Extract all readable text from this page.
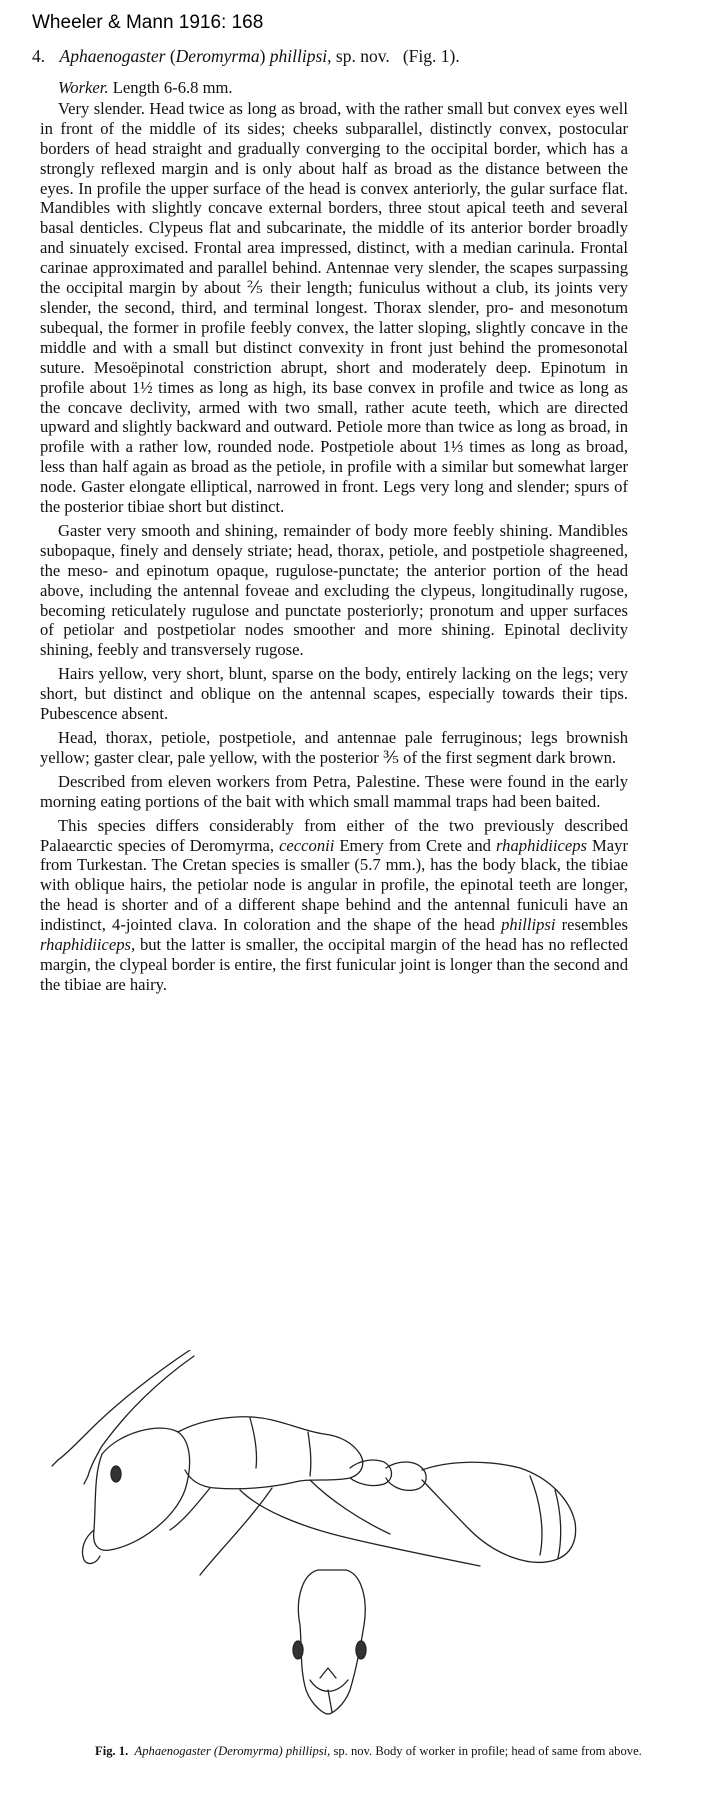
Wheeler & Mann 1916: 168
4. Aphaenogaster (Deromyrma) phillipsi, sp. nov. (Fig. 1).

Worker. Length 6-6.8 mm.

Very slender. Head twice as long as broad, with the rather small but convex eyes well in front of the middle of its sides; cheeks subparallel, distinctly convex, postocular borders of head straight and gradually converging to the occipital border, which has a strongly reflexed margin and is only about half as broad as the distance between the eyes. In profile the upper surface of the head is convex anteriorly, the gular surface flat. Mandibles with slightly concave external borders, three stout apical teeth and several basal denticles. Clypeus flat and subcarinate, the middle of its anterior border broadly and sinuately excised. Frontal area impressed, distinct, with a median carinula. Frontal carinae approximated and parallel behind. Antennae very slender, the scapes surpassing the occipital margin by about ⅖ their length; funiculus without a club, its joints very slender, the second, third, and terminal longest. Thorax slender, pro- and mesonotum subequal, the former in profile feebly convex, the latter sloping, slightly concave in the middle and with a small but distinct convexity in front just behind the promesonotal suture. Mesoëpinotal constriction abrupt, short and moderately deep. Epinotum in profile about 1½ times as long as high, its base convex in profile and twice as long as the concave declivity, armed with two small, rather acute teeth, which are directed upward and slightly backward and outward. Petiole more than twice as long as broad, in profile with a rather low, rounded node. Postpetiole about 1⅓ times as long as broad, less than half again as broad as the petiole, in profile with a similar but somewhat larger node. Gaster elongate elliptical, narrowed in front. Legs very long and slender; spurs of the posterior tibiae short but distinct.

Gaster very smooth and shining, remainder of body more feebly shining. Mandibles subopaque, finely and densely striate; head, thorax, petiole, and postpetiole shagreened, the meso- and epinotum opaque, rugulose-punctate; the anterior portion of the head above, including the antennal foveae and excluding the clypeus, longitudinally rugose, becoming reticulately rugulose and punctate posteriorly; pronotum and upper surfaces of petiolar and postpetiolar nodes smoother and more shining. Epinotal declivity shining, feebly and transversely rugose.

Hairs yellow, very short, blunt, sparse on the body, entirely lacking on the legs; very short, but distinct and oblique on the antennal scapes, especially towards their tips. Pubescence absent.

Head, thorax, petiole, postpetiole, and antennae pale ferruginous; legs brownish yellow; gaster clear, pale yellow, with the posterior ⅗ of the first segment dark brown.

Described from eleven workers from Petra, Palestine. These were found in the early morning eating portions of the bait with which small mammal traps had been baited.

This species differs considerably from either of the two previously described Palaearctic species of Deromyrma, cecconii Emery from Crete and rhaphidiiceps Mayr from Turkestan. The Cretan species is smaller (5.7 mm.), has the body black, the tibiae with oblique hairs, the petiolar node is angular in profile, the epinotal teeth are longer, the head is shorter and of a different shape behind and the antennal funiculi have an indistinct, 4-jointed clava. In coloration and the shape of the head phillipsi resembles rhaphidiiceps, but the latter is smaller, the occipital margin of the head has no reflected margin, the clypeal border is entire, the first funicular joint is longer than the second and the tibiae are hairy.

Fig. 1. Aphaenogaster (Deromyrma) phillipsi, sp. nov. Body of worker in profile; head of same from above.
